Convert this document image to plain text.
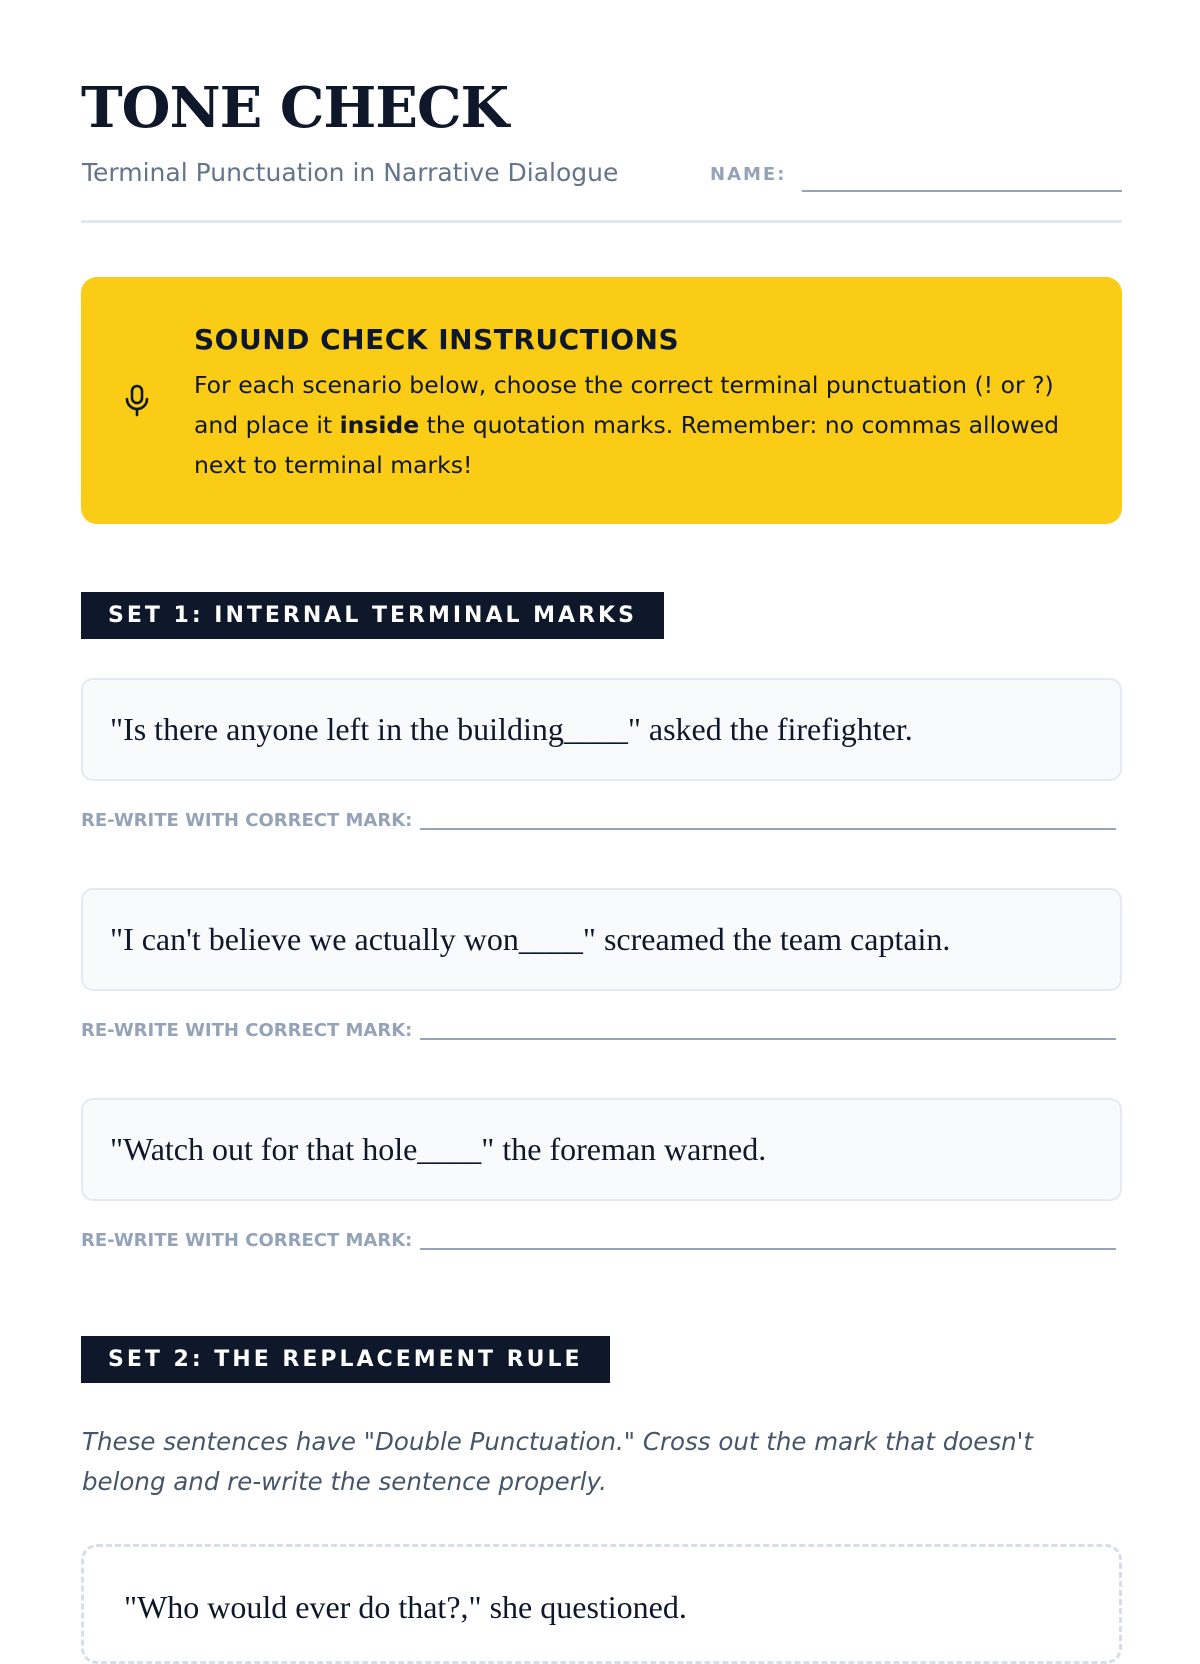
TONE CHECK
Terminal Punctuation in Narrative Dialogue	NAME:
SOUND CHECK INSTRUCTIONS
For each scenario below, choose the correct terminal punctuation (! or ?) and place it inside the quotation marks. Remember: no commas allowed next to terminal marks!
SET 1: INTERNAL TERMINAL MARKS
"Is there anyone left in the building____" asked the firefighter.
RE-WRITE WITH CORRECT MARK:
"I can't believe we actually won____" screamed the team captain.
RE-WRITE WITH CORRECT MARK:
"Watch out for that hole____" the foreman warned.
RE-WRITE WITH CORRECT MARK:
SET 2: THE REPLACEMENT RULE
These sentences have "Double Punctuation." Cross out the mark that doesn't belong and re-write the sentence properly.
"Who would ever do that?," she questioned.
